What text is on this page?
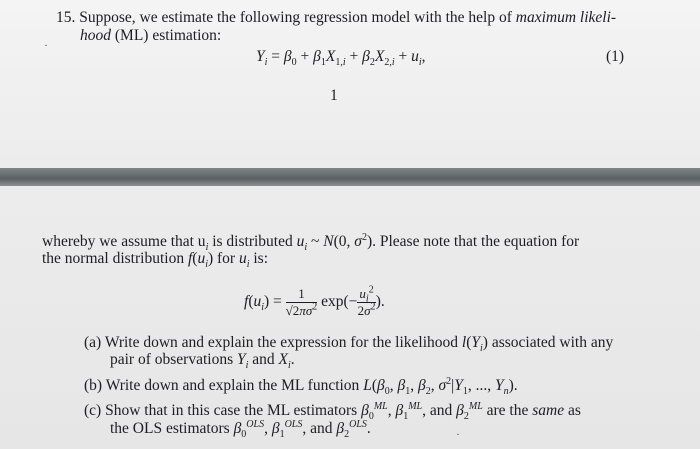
15. Suppose, we estimate the following regression model with the help of maximum likeli-
hood (ML) estimation:
·
$Y_i = \beta_0 + \beta_1X_{1,i} + \beta_2X_{2,i} + u_i$,	(1)
1
whereby we assume that $u_i$ is distributed $u_i$ ~ N(0, $\sigma^2$). Please note that the equation for
the normal distribution $f(u_i)$ for $u_i$ is:
$f(u_i) = \frac{1}{√2\pi\sigma^2} \exp(- \frac{u_i^2}{2\sigma^2}$ ).
(a) Write down and explain the expression for the likelihood $l(Y_i)$ associated with any
pair of observations $Y_i$ and $X_i$.
(b) Write down and explain the ML function $L(\beta_0$, $\beta_1$, $\beta_2$, $\sigma^2|Y_1$, ..., $Y_n$).
(c) Show that in this case the ML estimators $\beta_0^{ML}$, $\beta_1^{ML}$, and $\beta_2^{ML}$ are the same as
the OLS estimators $\beta_0^{OLS}$, $\beta_1^{OLS}$, and $\beta_2^{OLS}$.	·
